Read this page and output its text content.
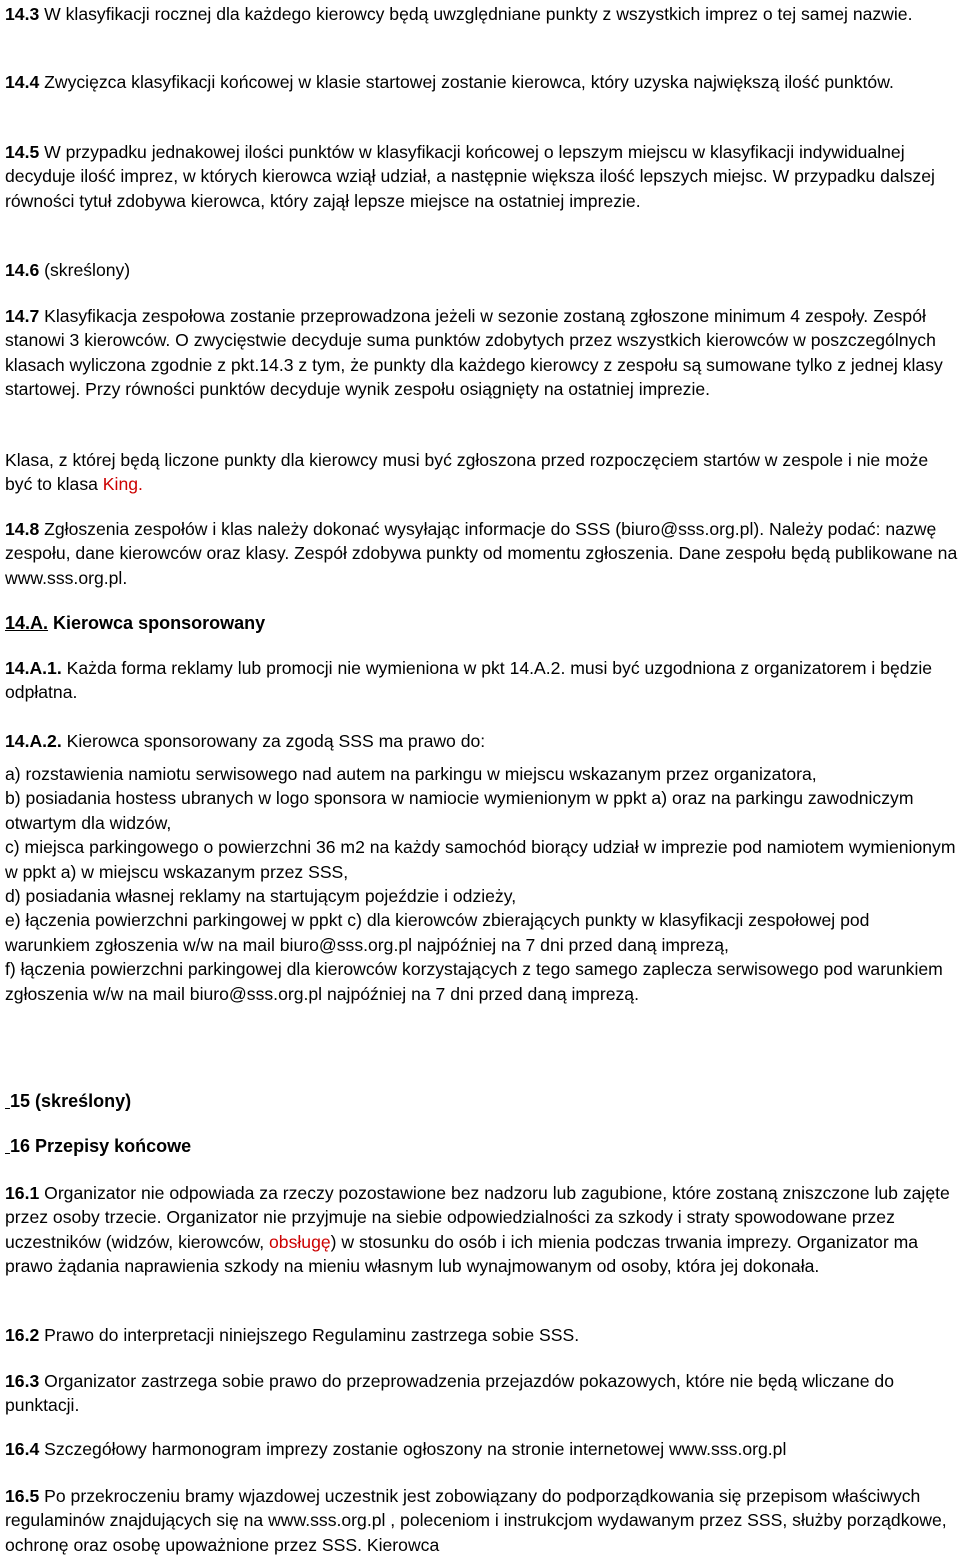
14.3 W klasyfikacji rocznej dla każdego kierowcy będą uwzględniane punkty z wszystkich imprez o tej samej nazwie.

14.4 Zwycięzca klasyfikacji końcowej w klasie startowej zostanie kierowca, który uzyska największą ilość punktów.

14.5 W przypadku jednakowej ilości punktów w klasyfikacji końcowej o lepszym miejscu w klasyfikacji indywidualnej decyduje ilość imprez, w których kierowca wziął udział, a następnie większa ilość lepszych miejsc. W przypadku dalszej równości tytuł zdobywa kierowca, który zajął lepsze miejsce na ostatniej imprezie.

14.6 (skreślony)

14.7 Klasyfikacja zespołowa zostanie przeprowadzona jeżeli w sezonie zostaną zgłoszone minimum 4 zespoły. Zespół stanowi 3 kierowców. O zwycięstwie decyduje suma punktów zdobytych przez wszystkich kierowców w poszczególnych klasach wyliczona zgodnie z pkt.14.3 z tym, że punkty dla każdego kierowcy z zespołu są sumowane tylko z jednej klasy startowej. Przy równości punktów decyduje wynik zespołu osiągnięty na ostatniej imprezie.

Klasa, z której będą liczone punkty dla kierowcy musi być zgłoszona przed rozpoczęciem startów w zespole i nie może być to klasa King.

14.8 Zgłoszenia zespołów i klas należy dokonać wysyłając informacje do SSS (biuro@sss.org.pl). Należy podać: nazwę zespołu, dane kierowców oraz klasy. Zespół zdobywa punkty od momentu zgłoszenia. Dane zespołu będą publikowane na www.sss.org.pl.

14.A. Kierowca sponsorowany

14.A.1. Każda forma reklamy lub promocji nie wymieniona w pkt 14.A.2. musi być uzgodniona z organizatorem i będzie odpłatna.

14.A.2. Kierowca sponsorowany za zgodą SSS ma prawo do:

a) rozstawienia namiotu serwisowego nad autem na parkingu w miejscu wskazanym przez organizatora,

b) posiadania hostess ubranych w logo sponsora w namiocie wymienionym w ppkt a) oraz na parkingu zawodniczym otwartym dla widzów,

c) miejsca parkingowego o powierzchni 36 m2 na każdy samochód biorący udział w imprezie pod namiotem wymienionym w ppkt a) w miejscu wskazanym przez SSS,

d) posiadania własnej reklamy na startującym pojeździe i odzieży,

e) łączenia powierzchni parkingowej w ppkt c) dla kierowców zbierających punkty w klasyfikacji zespołowej pod warunkiem zgłoszenia w/w na mail biuro@sss.org.pl najpóźniej na 7 dni przed daną imprezą,

f) łączenia powierzchni parkingowej dla kierowców korzystających z tego samego zaplecza serwisowego pod warunkiem zgłoszenia w/w na mail biuro@sss.org.pl najpóźniej na 7 dni przed daną imprezą.

15 (skreślony)

16 Przepisy końcowe

16.1 Organizator nie odpowiada za rzeczy pozostawione bez nadzoru lub zagubione, które zostaną zniszczone lub zajęte przez osoby trzecie. Organizator nie przyjmuje na siebie odpowiedzialności za szkody i straty spowodowane przez uczestników (widzów, kierowców, obsługę) w stosunku do osób i ich mienia podczas trwania imprezy. Organizator ma prawo żądania naprawienia szkody na mieniu własnym lub wynajmowanym od osoby, która jej dokonała.

16.2 Prawo do interpretacji niniejszego Regulaminu zastrzega sobie SSS.

16.3 Organizator zastrzega sobie prawo do przeprowadzenia przejazdów pokazowych, które nie będą wliczane do punktacji.

16.4 Szczegółowy harmonogram imprezy zostanie ogłoszony na stronie internetowej www.sss.org.pl

16.5 Po przekroczeniu bramy wjazdowej uczestnik jest zobowiązany do podporządkowania się przepisom właściwych regulaminów znajdujących się na www.sss.org.pl , poleceniom i instrukcjom wydawanym przez SSS, służby porządkowe, ochronę oraz osobę upoważnione przez SSS. Kierowca
